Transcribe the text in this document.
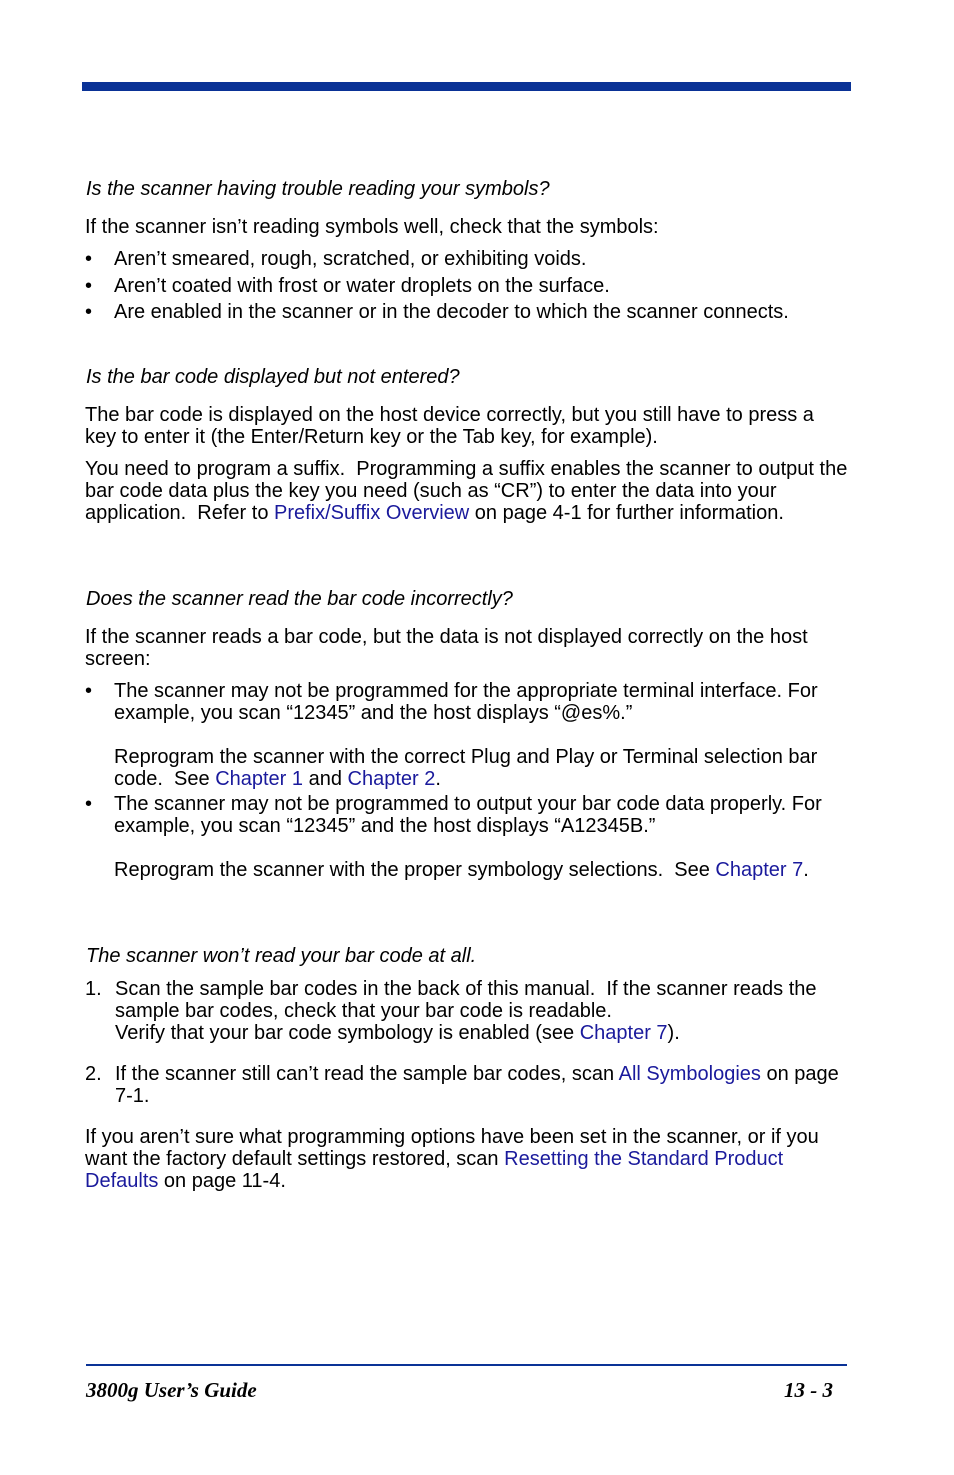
Is the scanner having trouble reading your symbols?
If the scanner isn’t reading symbols well, check that the symbols:
• Aren’t smeared, rough, scratched, or exhibiting voids.
• Aren’t coated with frost or water droplets on the surface.
• Are enabled in the scanner or in the decoder to which the scanner connects.
Is the bar code displayed but not entered?
The bar code is displayed on the host device correctly, but you still have to press a key to enter it (the Enter/Return key or the Tab key, for example).
You need to program a suffix.  Programming a suffix enables the scanner to output the bar code data plus the key you need (such as “CR”) to enter the data into your application.  Refer to Prefix/Suffix Overview on page 4-1 for further information.
Does the scanner read the bar code incorrectly?
If the scanner reads a bar code, but the data is not displayed correctly on the host screen:
• The scanner may not be programmed for the appropriate terminal interface. For example, you scan “12345” and the host displays “@es%.”

Reprogram the scanner with the correct Plug and Play or Terminal selection bar code.  See Chapter 1 and Chapter 2.
• The scanner may not be programmed to output your bar code data properly. For example, you scan “12345” and the host displays “A12345B.”

Reprogram the scanner with the proper symbology selections.  See Chapter 7.
The scanner won’t read your bar code at all.
1. Scan the sample bar codes in the back of this manual.  If the scanner reads the sample bar codes, check that your bar code is readable.
Verify that your bar code symbology is enabled (see Chapter 7).
2. If the scanner still can’t read the sample bar codes, scan All Symbologies on page 7-1.
If you aren’t sure what programming options have been set in the scanner, or if you want the factory default settings restored, scan Resetting the Standard Product Defaults on page 11-4.
3800g User’s Guide	13 - 3
